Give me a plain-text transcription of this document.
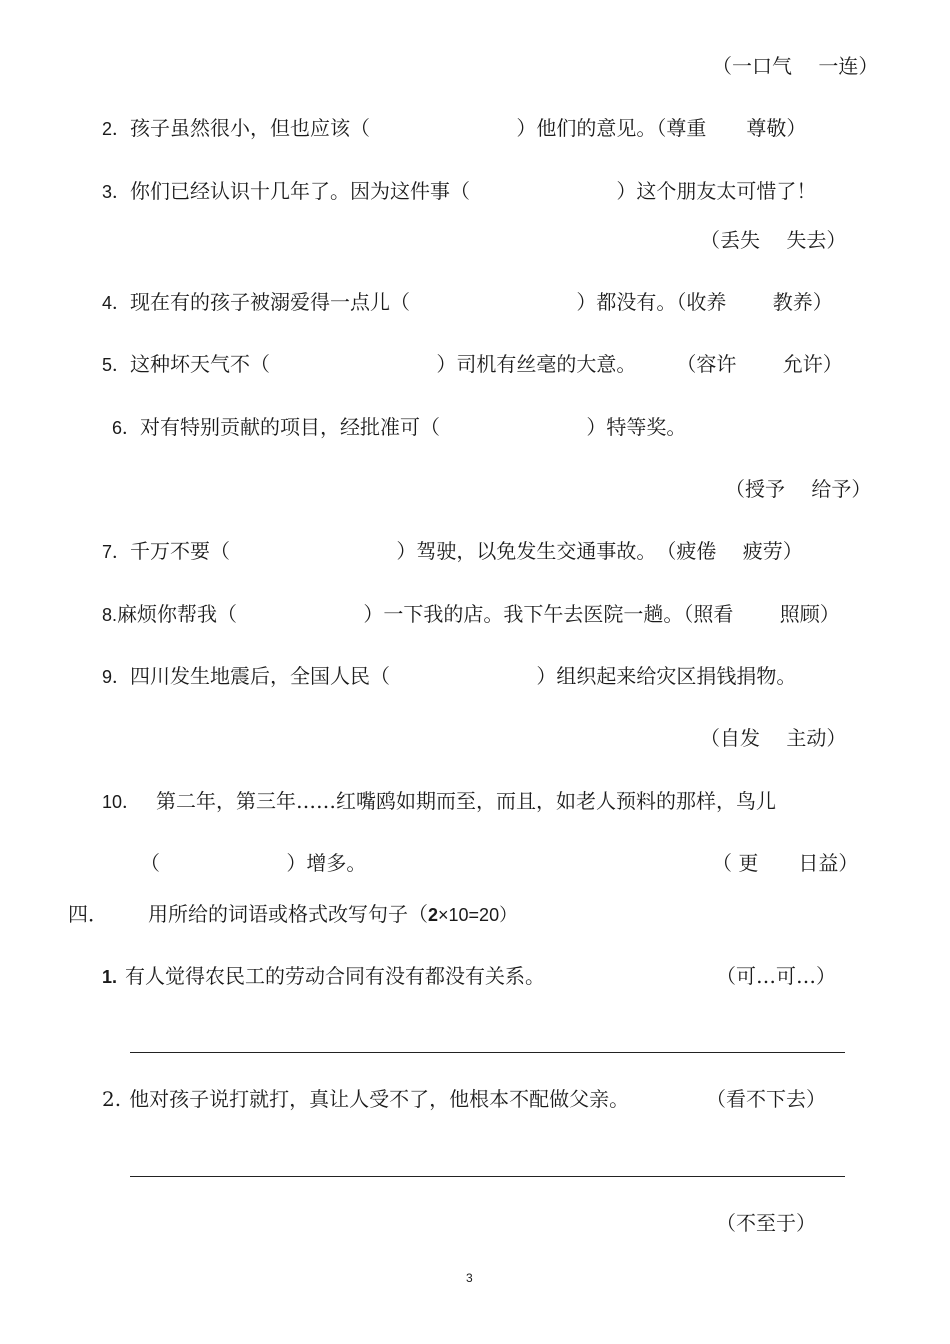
（一口气　 一连）
2．孩子虽然很小，但也应该（　　　　　　　 ）他们的意见。（尊重　　尊敬）
3．你们已经认识十几年了。因为这件事（　　　　　　　 ）这个朋友太可惜了！
（丢失　 失去）
4．现在有的孩子被溺爱得一点儿（　　　　　　　　 ）都没有。（收养　　 教养）
5．这种坏天气不（　　　　　　　　 ）司机有丝毫的大意。　　　（容许　　 允许）
6．对有特别贡献的项目，经批准可（　　　　　　　 ）特等奖。
（授予　 给予）
7．千万不要（　　　　　　　　 ）驾驶，以免发生交通事故。　（疲倦　 疲劳）
8.麻烦你帮我（　　　　　　 ）一下我的店。我下午去医院一趟。（照看　　 照顾）
9．四川发生地震后，全国人民（　　　　　　　 ）组织起来给灾区捐钱捐物。
（自发　 主动）
10． 第二年，第三年……红嘴鸥如期而至，而且，如老人预料的那样，鸟儿
（　　　　　　 ）增多。	（ 更　　日益）
四． 用所给的词语或格式改写句子（2×10=20）
1. 有人觉得农民工的劳动合同有没有都没有关系。	（可…可…）
2. 他对孩子说打就打，真让人受不了，他根本不配做父亲。	（看不下去）
（不至于）
3
